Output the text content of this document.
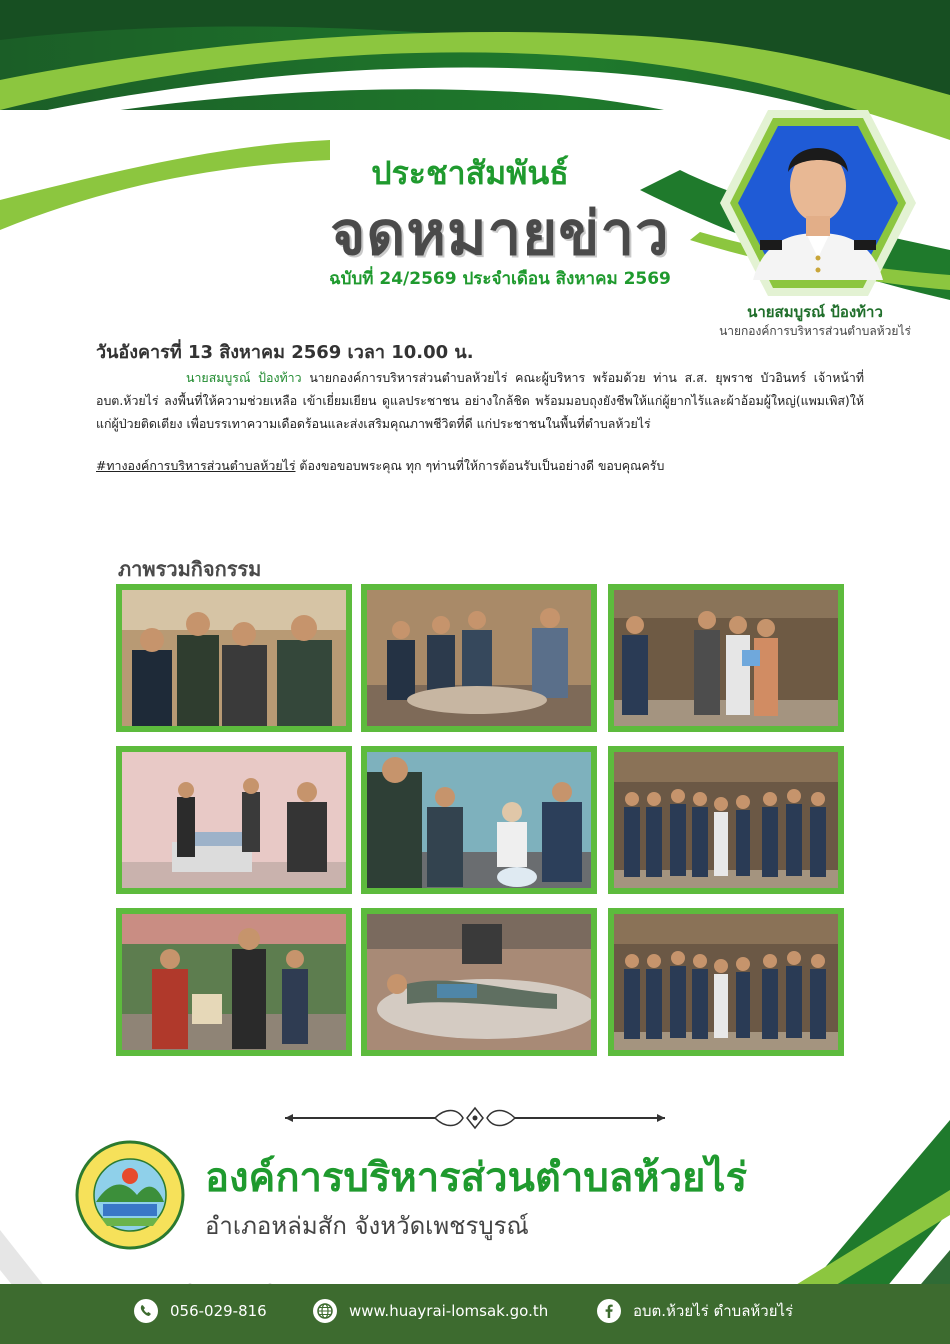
ประชาสัมพันธ์
จดหมายข่าว
ฉบับที่ 24/2569 ประจำเดือน สิงหาคม 2569
นายสมบูรณ์ ป้องท้าว
นายกองค์การบริหารส่วนตำบลห้วยไร่
วันอังคารที่ 13 สิงหาคม 2569 เวลา 10.00 น.
นายสมบูรณ์ ป้องท้าว นายกองค์การบริหารส่วนตำบลห้วยไร่ คณะผู้บริหาร พร้อมด้วย ท่าน ส.ส. ยุพราช บัวอินทร์ เจ้าหน้าที่ อบต.ห้วยไร่ ลงพื้นที่ให้ความช่วยเหลือ เข้าเยี่ยมเยียน ดูแลประชาชน อย่างใกล้ชิด พร้อมมอบถุงยังชีพให้แก่ผู้ยากไร้และผ้าอ้อมผู้ใหญ่(แพมเพิส)ให้แก่ผู้ป่วยติดเตียง เพื่อบรรเทาความเดือดร้อนและส่งเสริมคุณภาพชีวิตที่ดี แก่ประชาชนในพื้นที่ตำบลห้วยไร่
#ทางองค์การบริหารส่วนตำบลห้วยไร่ ต้องขอขอบพระคุณ ทุก ๆท่านที่ให้การต้อนรับเป็นอย่างดี ขอบคุณครับ
ภาพรวมกิจกรรม
องค์การบริหารส่วนตำบลห้วยไร่
อำเภอหล่มสัก จังหวัดเพชรบูรณ์
056-029-816	www.huayrai-lomsak.go.th	อบต.ห้วยไร่ ตำบลห้วยไร่
